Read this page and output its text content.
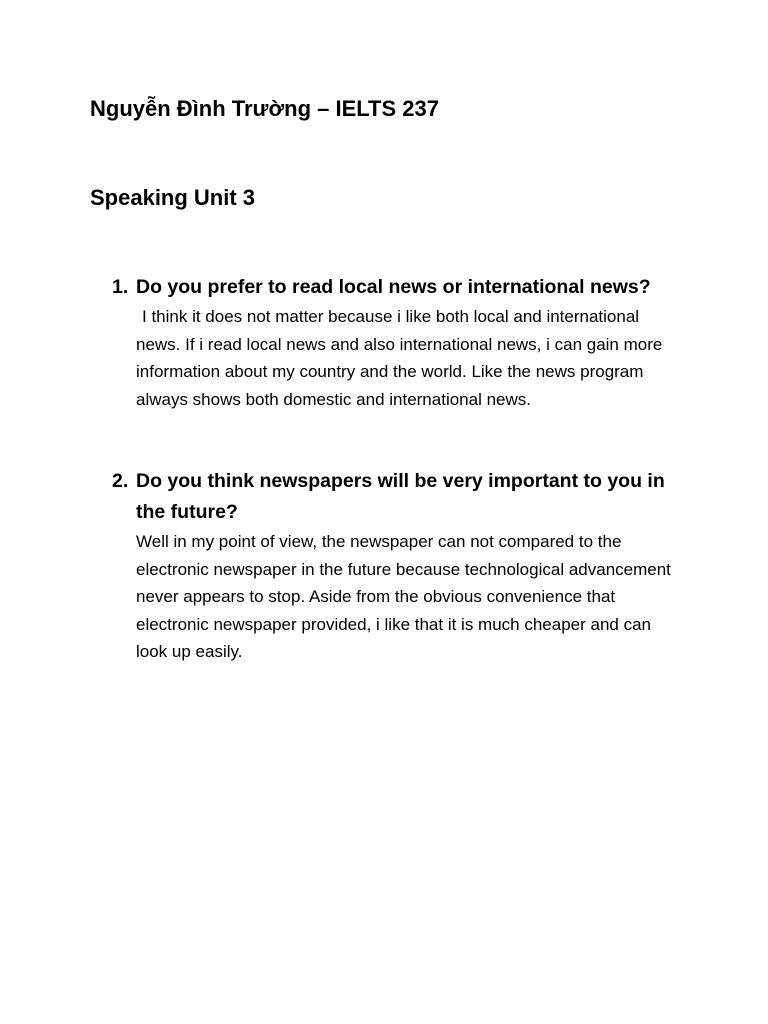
Nguyễn Đình Trường – IELTS 237
Speaking Unit 3
1. Do you prefer to read local news or international news?
I think it does not matter because i like both local and international news. If i read local news and also international news, i can gain more information about my country and the world. Like the news program always shows both domestic and international news.
2. Do you think newspapers will be very important to you in the future?
Well in my point of view, the newspaper can not compared to the electronic newspaper in the future because technological advancement never appears to stop. Aside from the obvious convenience that electronic newspaper provided, i like that it is much cheaper and can look up easily.
